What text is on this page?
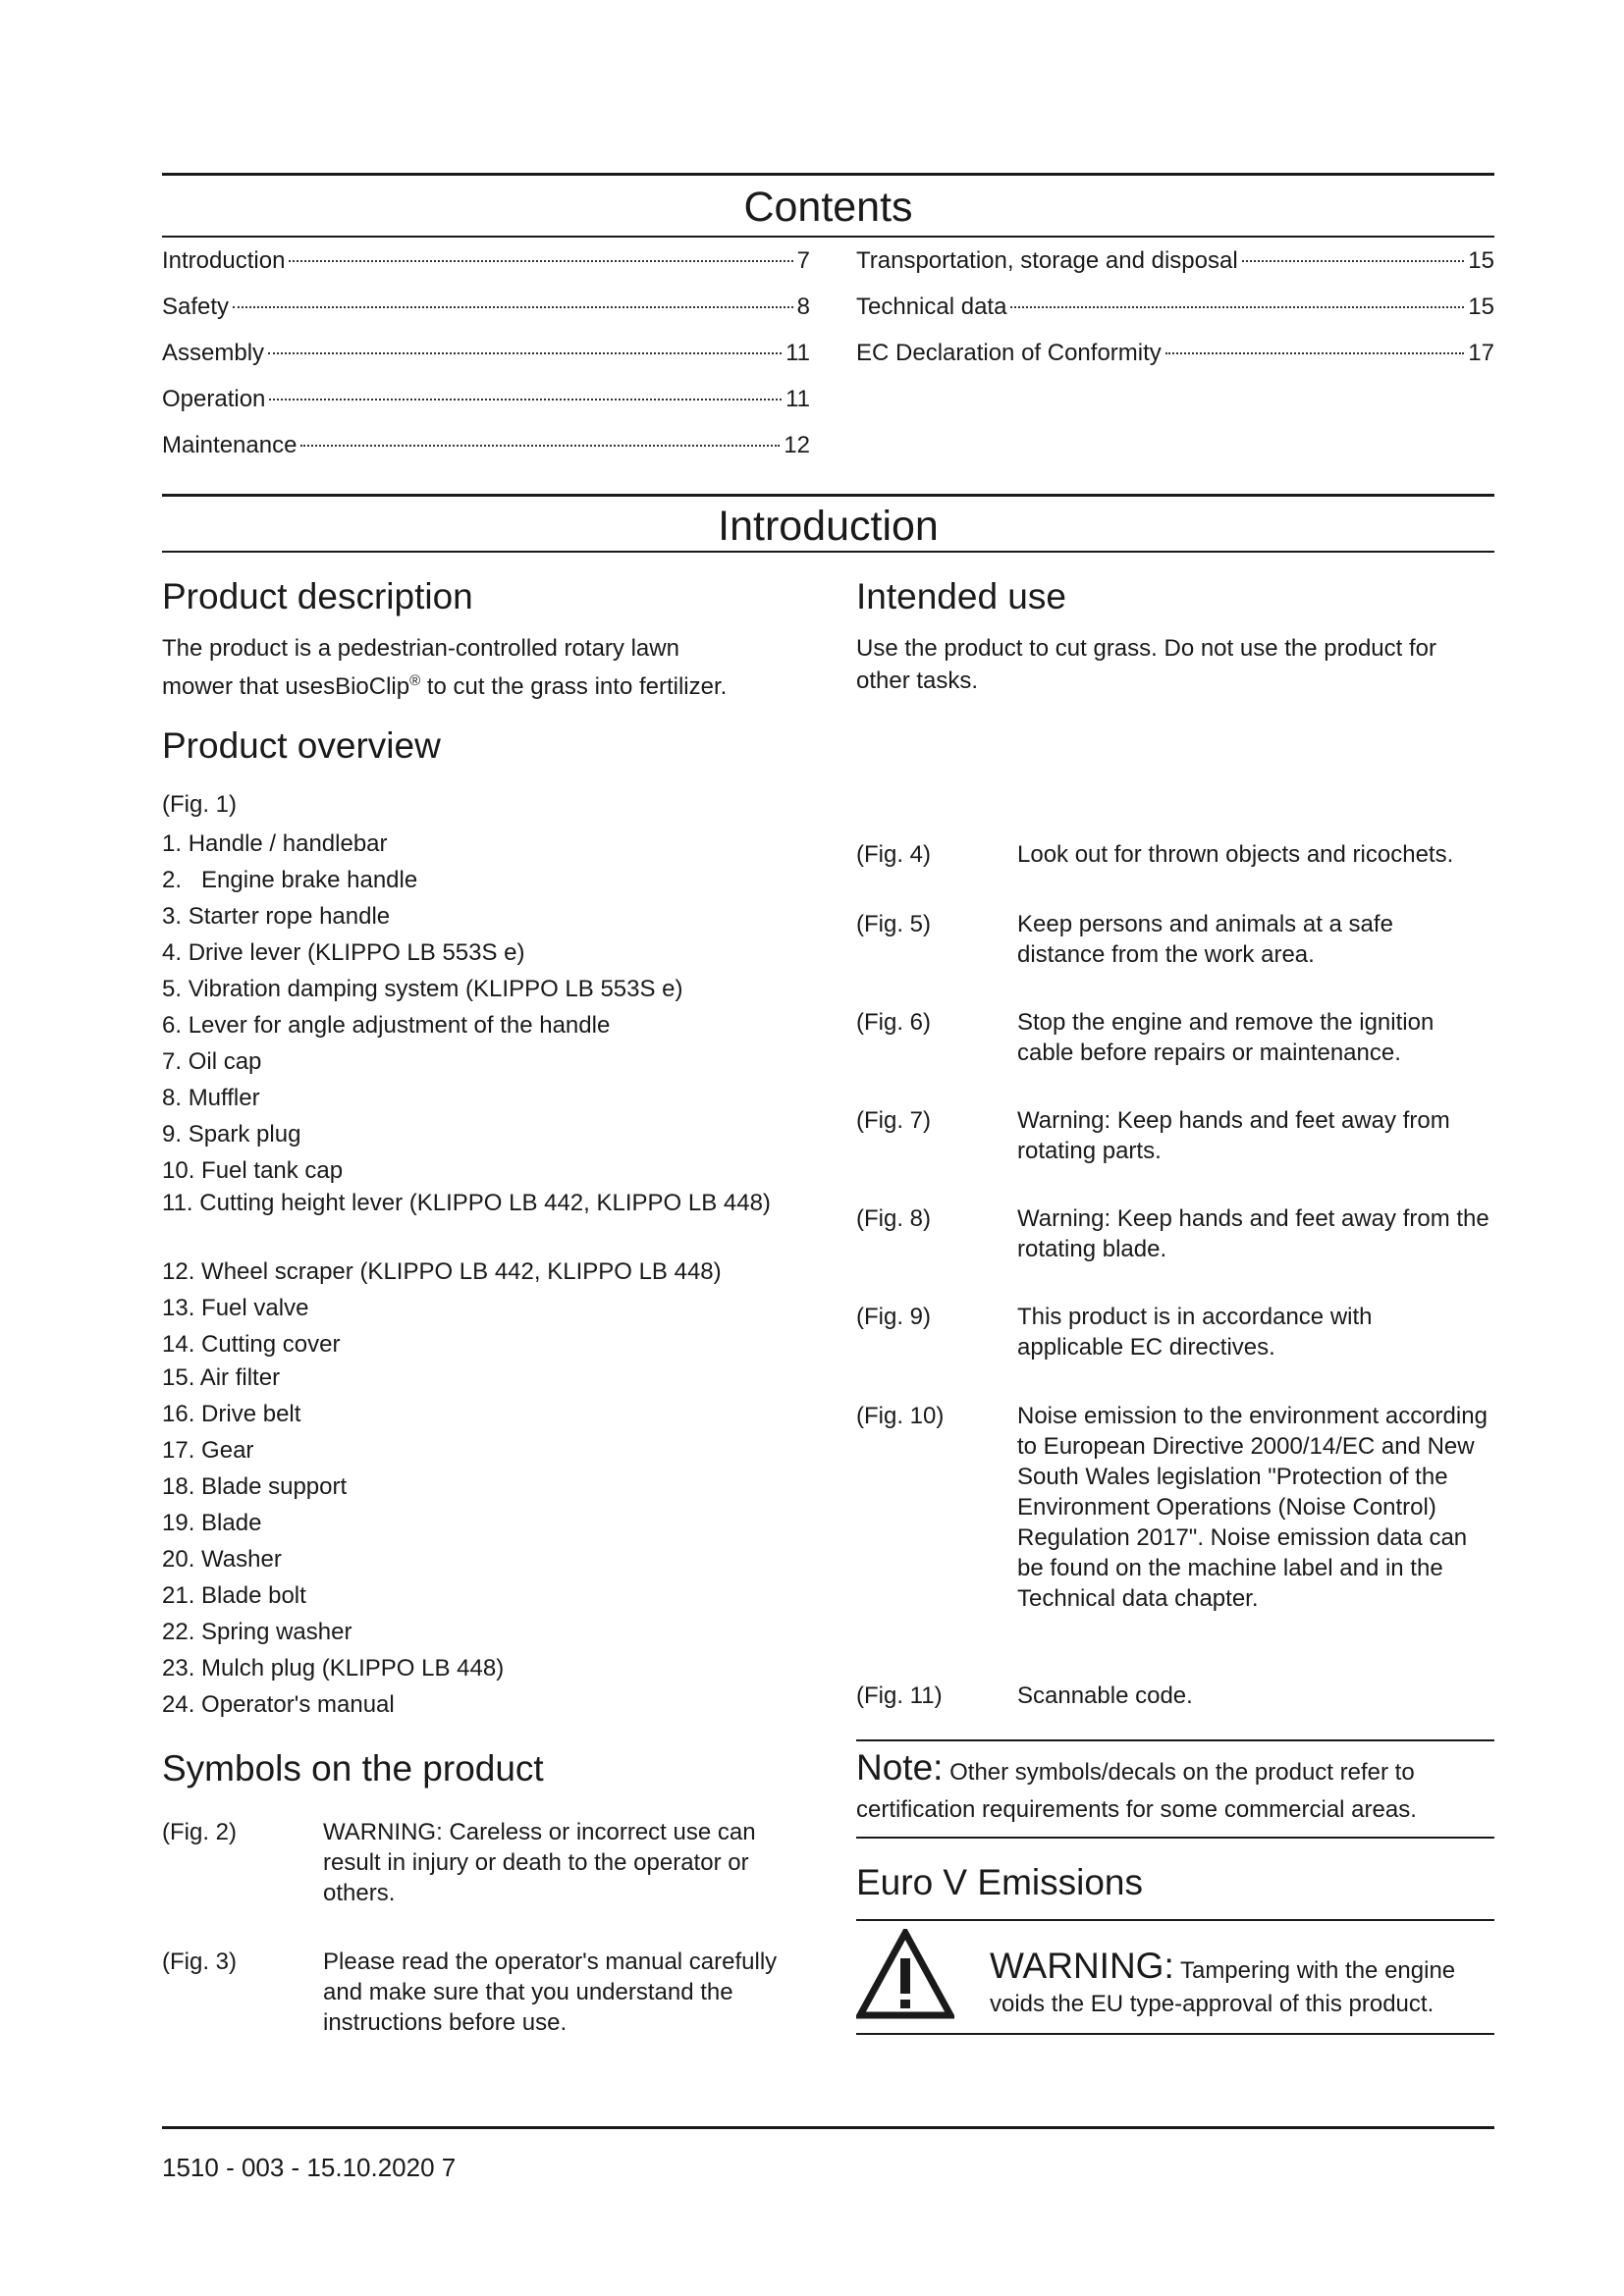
Contents
Introduction	7
Safety	8
Assembly	11
Operation	11
Maintenance	12
Transportation, storage and disposal	15
Technical data	15
EC Declaration of Conformity	17
Introduction
Product description
The product is a pedestrian-controlled rotary lawn
mower that usesBioClip® to cut the grass into fertilizer.
Intended use
Use the product to cut grass. Do not use the product for other tasks.
Product overview
(Fig. 1)
1. Handle / handlebar
2. Engine brake handle
3. Starter rope handle
4. Drive lever (KLIPPO LB 553S e)
5. Vibration damping system (KLIPPO LB 553S e)
6. Lever for angle adjustment of the handle
7. Oil cap
8. Muffler
9. Spark plug
10. Fuel tank cap
11. Cutting height lever (KLIPPO LB 442, KLIPPO LB 448)
12. Wheel scraper (KLIPPO LB 442, KLIPPO LB 448)
13. Fuel valve
14. Cutting cover
15. Air filter
16. Drive belt
17. Gear
18. Blade support
19. Blade
20. Washer
21. Blade bolt
22. Spring washer
23. Mulch plug (KLIPPO LB 448)
24. Operator's manual
Symbols on the product
(Fig. 2)	WARNING: Careless or incorrect use can result in injury or death to the operator or others.
(Fig. 3)	Please read the operator's manual carefully and make sure that you understand the instructions before use.
(Fig. 4)	Look out for thrown objects and ricochets.
(Fig. 5)	Keep persons and animals at a safe distance from the work area.
(Fig. 6)	Stop the engine and remove the ignition cable before repairs or maintenance.
(Fig. 7)	Warning: Keep hands and feet away from rotating parts.
(Fig. 8)	Warning: Keep hands and feet away from the rotating blade.
(Fig. 9)	This product is in accordance with applicable EC directives.
(Fig. 10)	Noise emission to the environment according to European Directive 2000/14/EC and New South Wales legislation "Protection of the Environment Operations (Noise Control) Regulation 2017". Noise emission data can be found on the machine label and in the Technical data chapter.
(Fig. 11)	Scannable code.
Note: Other symbols/decals on the product refer to certification requirements for some commercial areas.
Euro V Emissions
WARNING: Tampering with the engine voids the EU type-approval of this product.
1510 - 003 - 15.10.2020 7
